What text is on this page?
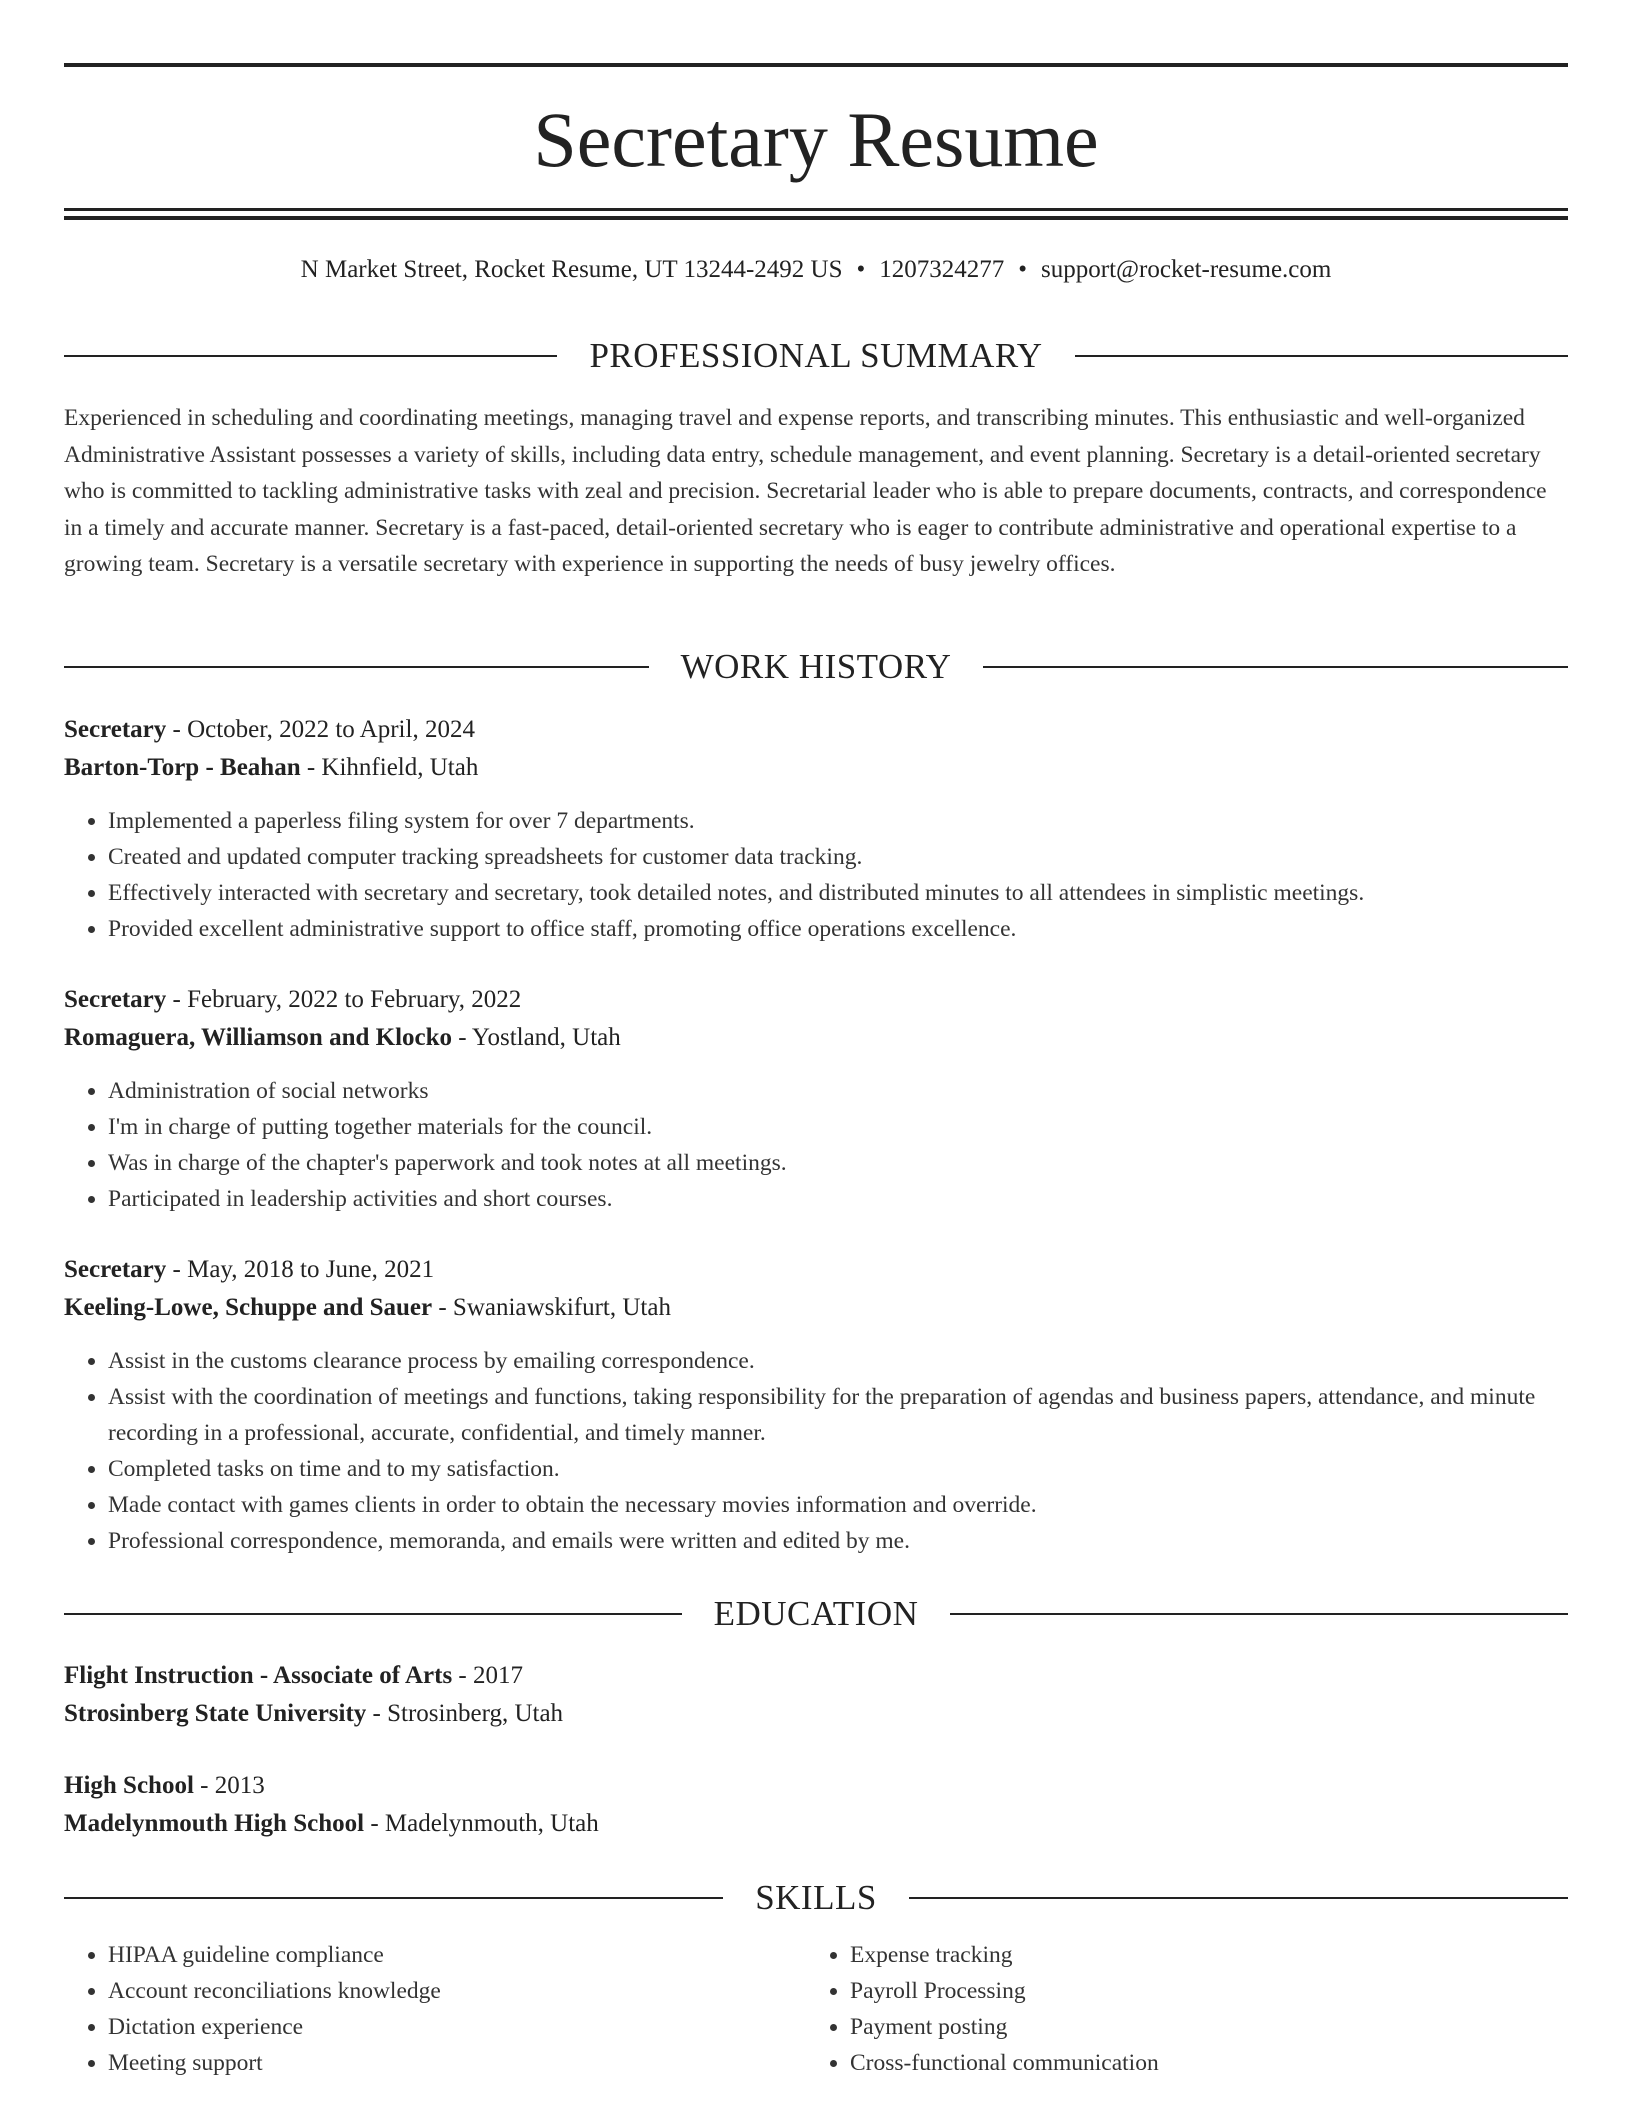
Secretary Resume
N Market Street, Rocket Resume, UT 13244-2492 US • 1207324277 • support@rocket-resume.com
PROFESSIONAL SUMMARY

Experienced in scheduling and coordinating meetings, managing travel and expense reports, and transcribing minutes. This enthusiastic and well-organized Administrative Assistant possesses a variety of skills, including data entry, schedule management, and event planning. Secretary is a detail-oriented secretary who is committed to tackling administrative tasks with zeal and precision. Secretarial leader who is able to prepare documents, contracts, and correspondence in a timely and accurate manner. Secretary is a fast-paced, detail-oriented secretary who is eager to contribute administrative and operational expertise to a growing team. Secretary is a versatile secretary with experience in supporting the needs of busy jewelry offices.

WORK HISTORY
Secretary - October, 2022 to April, 2024
Barton-Torp - Beahan - Kihnfield, Utah
• Implemented a paperless filing system for over 7 departments.
• Created and updated computer tracking spreadsheets for customer data tracking.
• Effectively interacted with secretary and secretary, took detailed notes, and distributed minutes to all attendees in simplistic meetings.
• Provided excellent administrative support to office staff, promoting office operations excellence.
Secretary - February, 2022 to February, 2022
Romaguera, Williamson and Klocko - Yostland, Utah
• Administration of social networks
• I'm in charge of putting together materials for the council.
• Was in charge of the chapter's paperwork and took notes at all meetings.
• Participated in leadership activities and short courses.
Secretary - May, 2018 to June, 2021
Keeling-Lowe, Schuppe and Sauer - Swaniawskifurt, Utah
• Assist in the customs clearance process by emailing correspondence.
• Assist with the coordination of meetings and functions, taking responsibility for the preparation of agendas and business papers, attendance, and minute recording in a professional, accurate, confidential, and timely manner.
• Completed tasks on time and to my satisfaction.
• Made contact with games clients in order to obtain the necessary movies information and override.
• Professional correspondence, memoranda, and emails were written and edited by me.
EDUCATION
Flight Instruction - Associate of Arts - 2017
Strosinberg State University - Strosinberg, Utah
High School - 2013
Madelynmouth High School - Madelynmouth, Utah
SKILLS
• HIPAA guideline compliance
• Account reconciliations knowledge
• Dictation experience
• Meeting support
• Expense tracking
• Payroll Processing
• Payment posting
• Cross-functional communication
